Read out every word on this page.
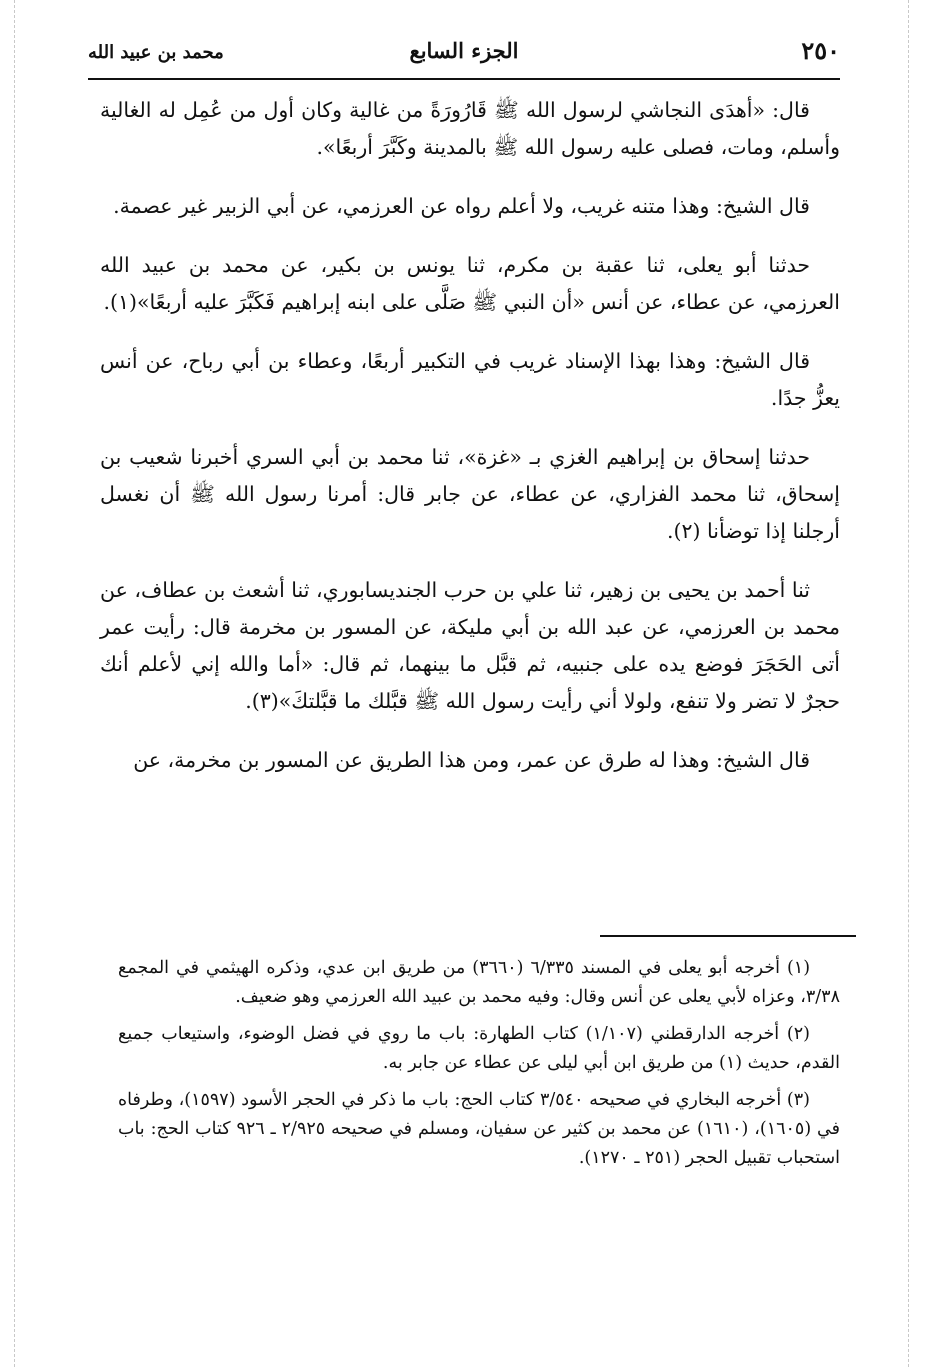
٢٥٠
الجزء السابع
محمد بن عبيد الله

قال: «أهدَى النجاشي لرسول الله ﷺ قَارُورَةً من غالية وكان أول من عُمِل له الغالية وأسلم، ومات، فصلى عليه رسول الله ﷺ بالمدينة وكَبَّرَ أربعًا».

قال الشيخ: وهذا متنه غريب، ولا أعلم رواه عن العرزمي، عن أبي الزبير غير عصمة.

حدثنا أبو يعلى، ثنا عقبة بن مكرم، ثنا يونس بن بكير، عن محمد بن عبيد الله العرزمي، عن عطاء، عن أنس «أن النبي ﷺ صَلَّى على ابنه إبراهيم فَكَبَّرَ عليه أربعًا»(١).

قال الشيخ: وهذا بهذا الإسناد غريب في التكبير أربعًا، وعطاء بن أبي رباح، عن أنس يعزُّ جدًا.

حدثنا إسحاق بن إبراهيم الغزي بـ «غزة»، ثنا محمد بن أبي السري أخبرنا شعيب بن إسحاق، ثنا محمد الفزاري، عن عطاء، عن جابر قال: أمرنا رسول الله ﷺ أن نغسل أرجلنا إذا توضأنا (٢).

ثنا أحمد بن يحيى بن زهير، ثنا علي بن حرب الجنديسابوري، ثنا أشعث بن عطاف، عن محمد بن العرزمي، عن عبد الله بن أبي مليكة، عن المسور بن مخرمة قال: رأيت عمر أتى الحَجَرَ فوضع يده على جنبيه، ثم قبَّل ما بينهما، ثم قال: «أما والله إني لأعلم أنك حجرٌ لا تضر ولا تنفع، ولولا أني رأيت رسول الله ﷺ قبَّلك ما قبَّلتكَ»(٣).

قال الشيخ: وهذا له طرق عن عمر، ومن هذا الطريق عن المسور بن مخرمة، عن

(١) أخرجه أبو يعلى في المسند ٦/٣٣٥ (٣٦٦٠) من طريق ابن عدي، وذكره الهيثمي في المجمع ٣/٣٨، وعزاه لأبي يعلى عن أنس وقال: وفيه محمد بن عبيد الله العرزمي وهو ضعيف.

(٢) أخرجه الدارقطني (١/١٠٧) كتاب الطهارة: باب ما روي في فضل الوضوء، واستيعاب جميع القدم، حديث (١) من طريق ابن أبي ليلى عن عطاء عن جابر به.

(٣) أخرجه البخاري في صحيحه ٣/٥٤٠ كتاب الحج: باب ما ذكر في الحجر الأسود (١٥٩٧)، وطرفاه في (١٦٠٥)، (١٦١٠) عن محمد بن كثير عن سفيان، ومسلم في صحيحه ٢/٩٢٥ ـ ٩٢٦ كتاب الحج: باب استحباب تقبيل الحجر (٢٥١ ـ ١٢٧٠).
